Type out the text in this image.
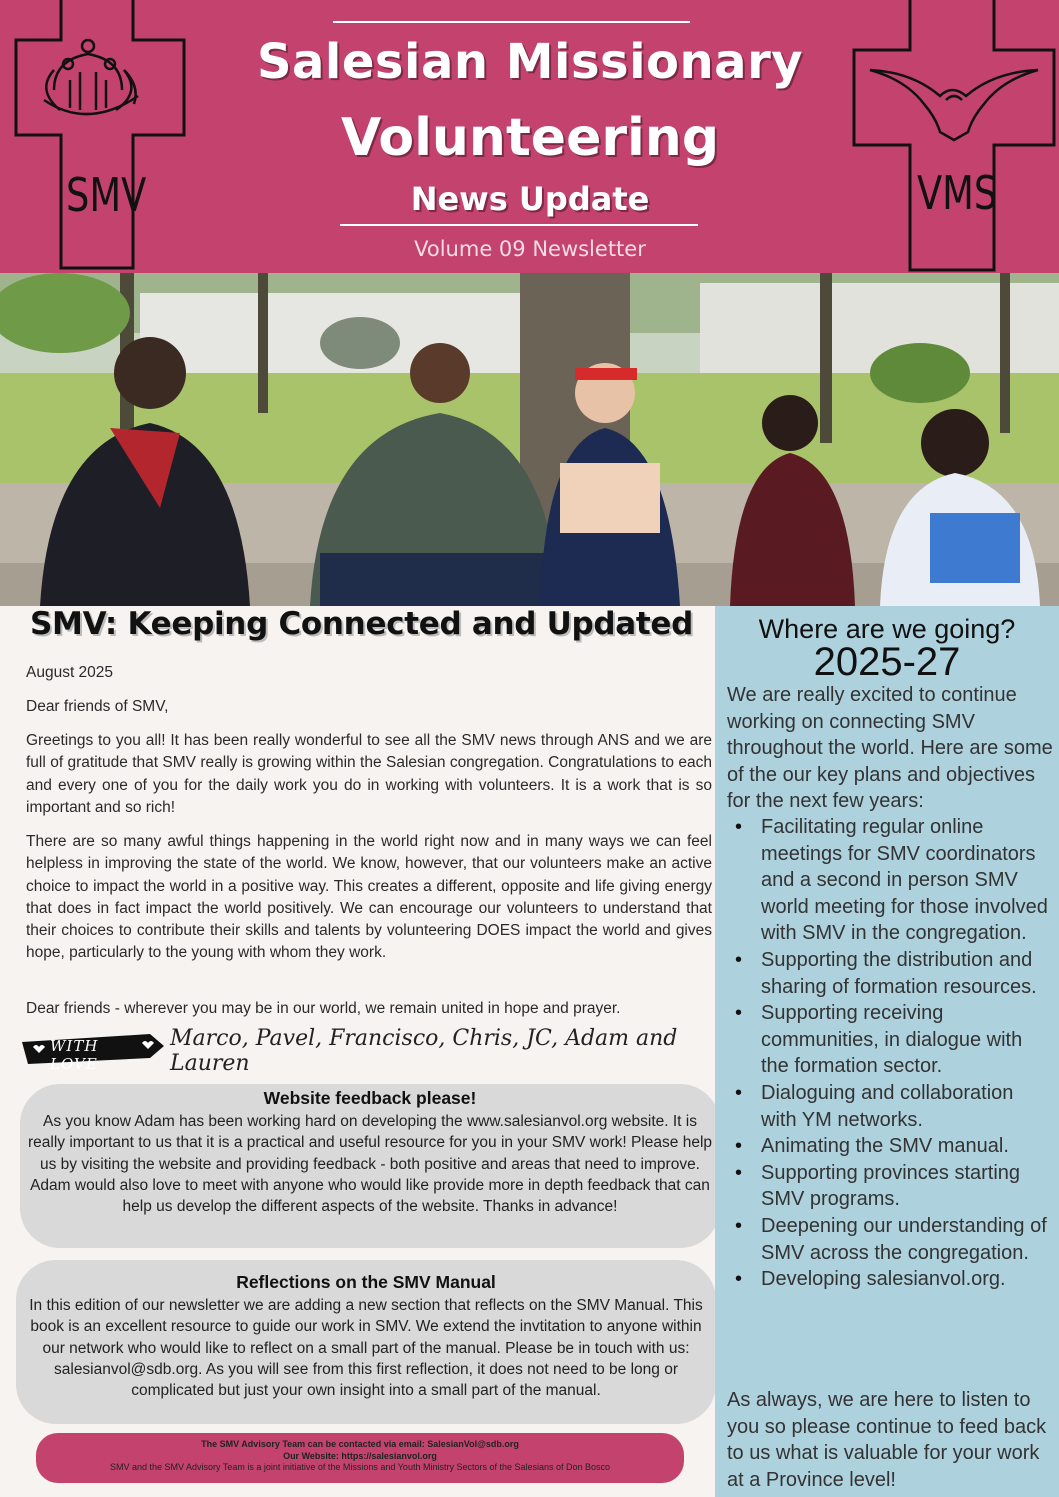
SMV	VMS
Salesian Missionary
Volunteering
News Update
Volume 09 Newsletter
SMV: Keeping Connected and Updated
August 2025
Dear friends of SMV,
Greetings to you all! It has been really wonderful to see all the SMV news through ANS and we are full of gratitude that SMV really is growing within the Salesian congregation. Congratulations to each and every one of you for the daily work you do in working with volunteers. It is a work that is so important and so rich!
There are so many awful things happening in the world right now and in many ways we can feel helpless in improving the state of the world. We know, however, that our volunteers make an active choice to impact the world in a positive way. This creates a different, opposite and life giving energy that does in fact impact the world positively. We can encourage our volunteers to understand that their choices to contribute their skills and talents by volunteering DOES impact the world and gives hope, particularly to the young with whom they work.
Dear friends - wherever you may be in our world, we remain united in hope and prayer.
WITH LOVE
Marco, Pavel, Francisco, Chris, JC, Adam and Lauren
Website feedback please!
As you know Adam has been working hard on developing the www.salesianvol.org website. It is really important to us that it is a practical and useful resource for you in your SMV work! Please help us by visiting the website and providing feedback - both positive and areas that need to improve. Adam would also love to meet with anyone who would like provide more in depth feedback that can help us develop the different aspects of the website. Thanks in advance!
Reflections on the SMV Manual
In this edition of our newsletter we are adding a new section that reflects on the SMV Manual. This book is an excellent resource to guide our work in SMV. We extend the invtitation to anyone within our network who would like to reflect on a small part of the manual. Please be in touch with us: salesianvol@sdb.org. As you will see from this first reflection, it does not need to be long or complicated but just your own insight into a small part of the manual.
The SMV Advisory Team can be contacted via email: SalesianVol@sdb.org
Our Website: https://salesianvol.org
SMV and the SMV Advisory Team is a joint initiative of the Missions and Youth Ministry Sectors of the Salesians of Don Bosco
Where are we going?
2025-27
We are really excited to continue working on connecting SMV throughout the world. Here are some of the our key plans and objectives for the next few years:
• Facilitating regular online meetings for SMV coordinators and a second in person SMV world meeting for those involved with SMV in the congregation.
• Supporting the distribution and sharing of formation resources.
• Supporting receiving communities, in dialogue with the formation sector.
• Dialoguing and collaboration with YM networks.
• Animating the SMV manual.
• Supporting provinces starting SMV programs.
• Deepening our understanding of SMV across the congregation.
• Developing salesianvol.org.
As always, we are here to listen to you so please continue to feed back to us what is valuable for your work at a Province level!
